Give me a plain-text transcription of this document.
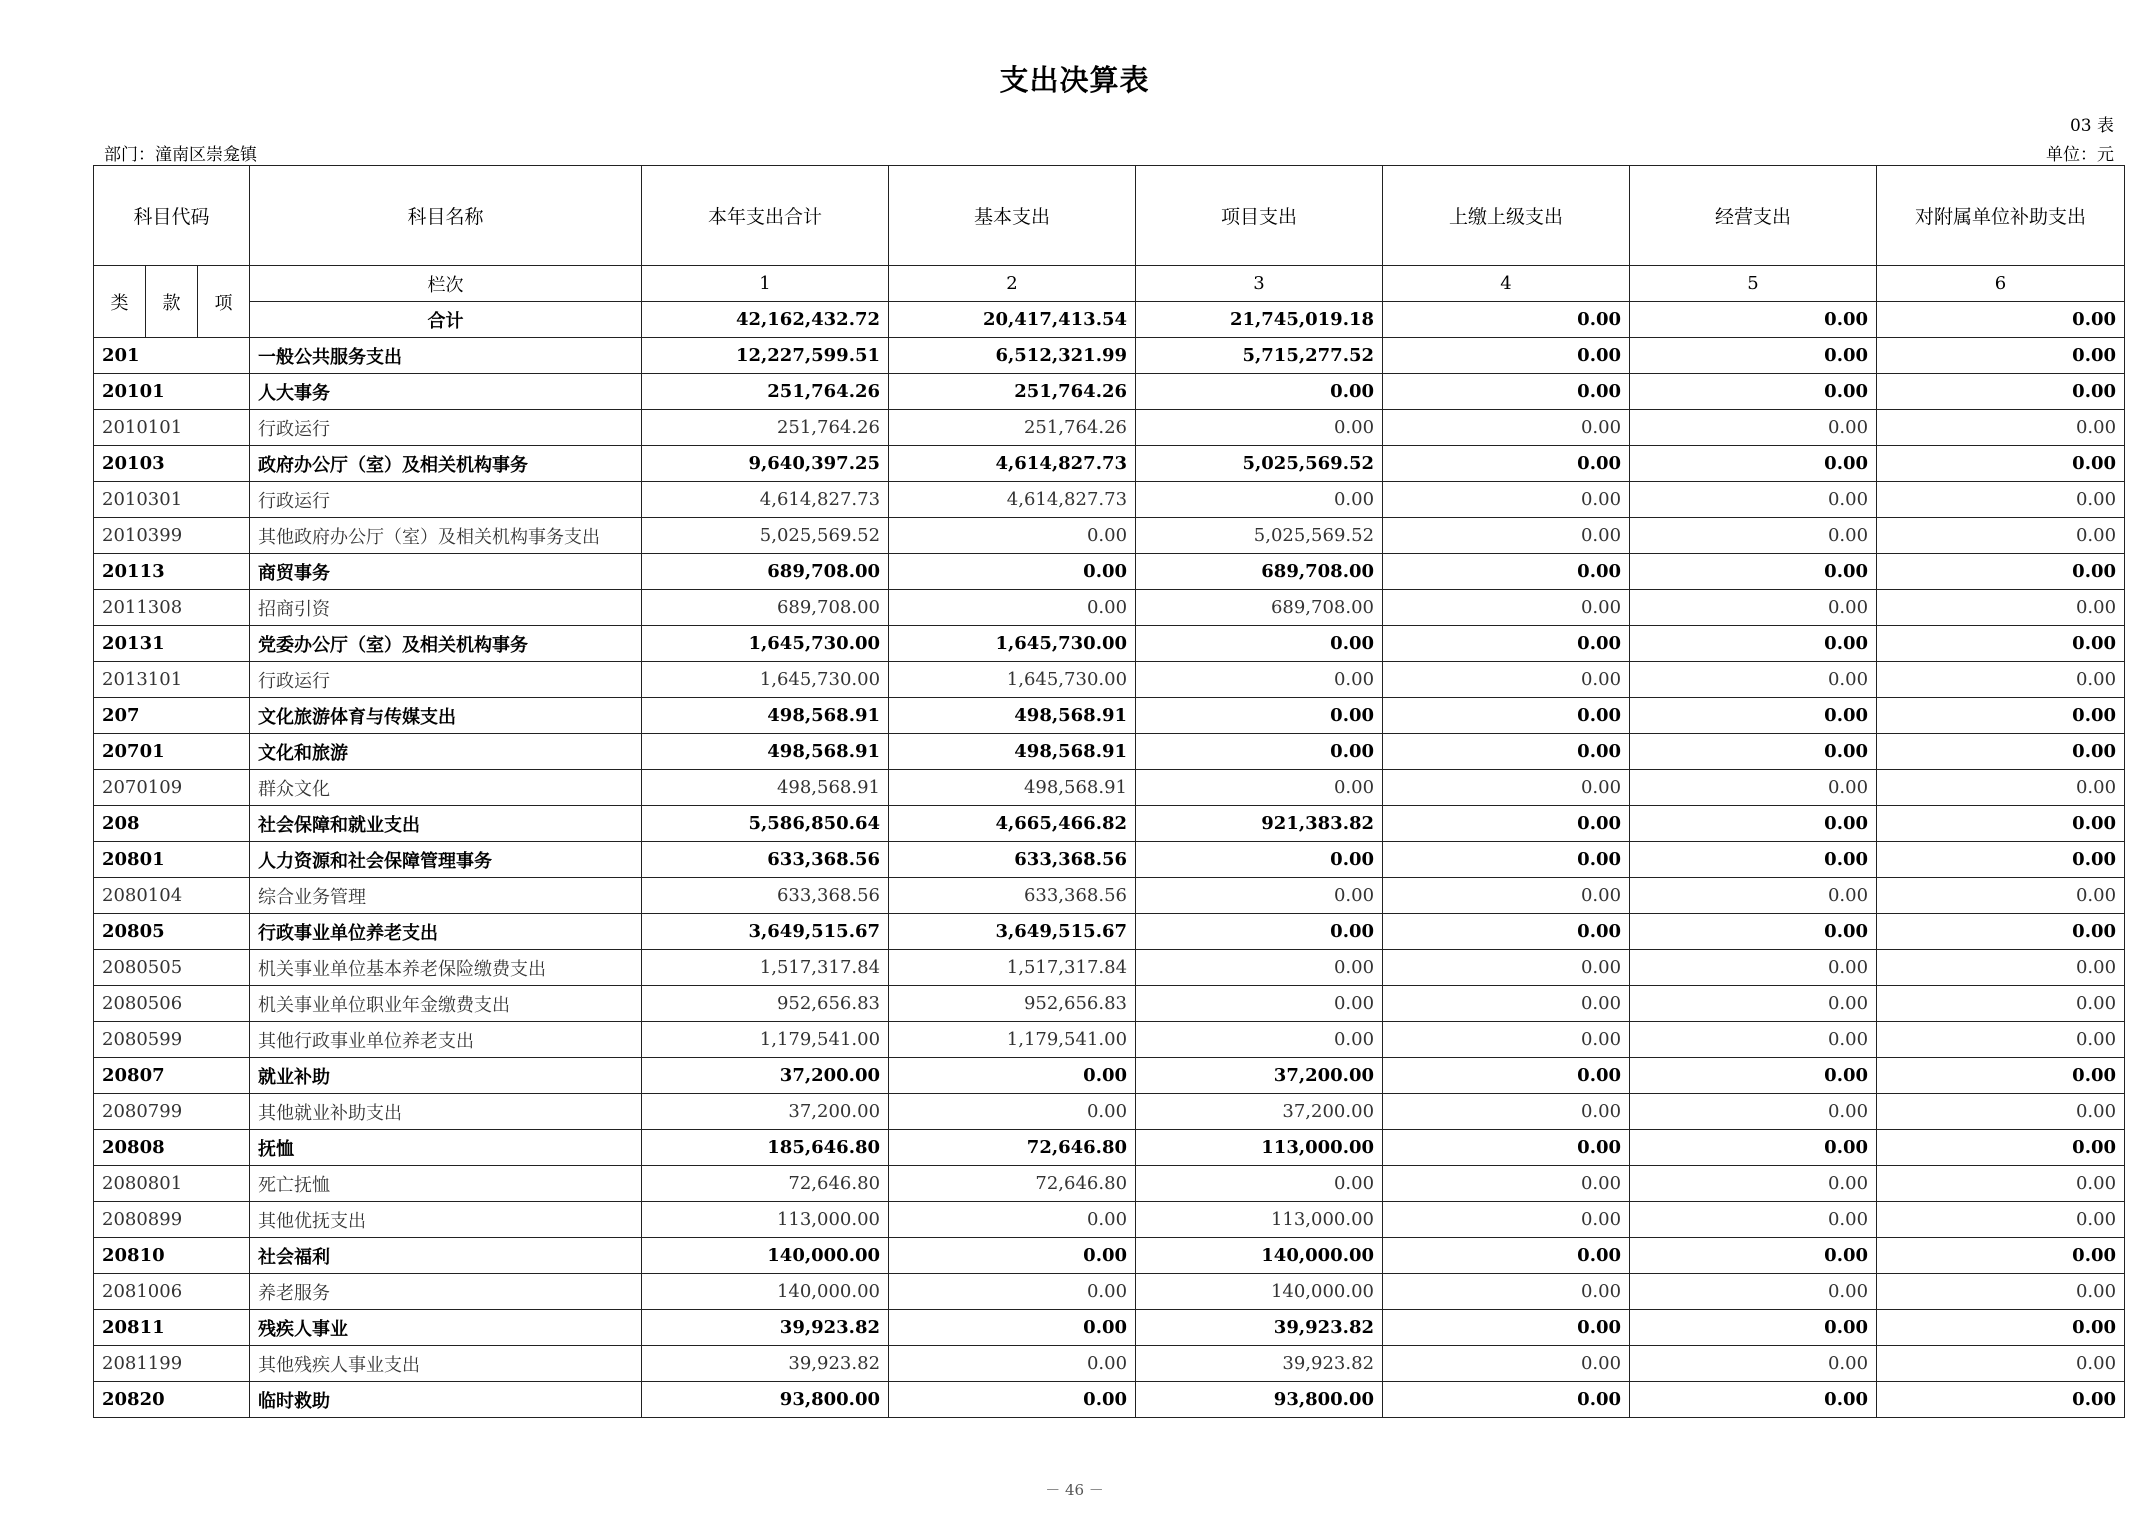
支出决算表
03 表
部门：潼南区崇龛镇	单位：元
科目代码			科目名称	本年支出合计	基本支出	项目支出	上缴上级支出	经营支出	对附属单位补助支出
类	款	项	栏次	1	2	3	4	5	6
			合计	42,162,432.72	20,417,413.54	21,745,019.18	0.00	0.00	0.00
201			一般公共服务支出	12,227,599.51	6,512,321.99	5,715,277.52	0.00	0.00	0.00
20101			人大事务	251,764.26	251,764.26	0.00	0.00	0.00	0.00
2010101			行政运行	251,764.26	251,764.26	0.00	0.00	0.00	0.00
20103			政府办公厅（室）及相关机构事务	9,640,397.25	4,614,827.73	5,025,569.52	0.00	0.00	0.00
2010301			行政运行	4,614,827.73	4,614,827.73	0.00	0.00	0.00	0.00
2010399			其他政府办公厅（室）及相关机构事务支出	5,025,569.52	0.00	5,025,569.52	0.00	0.00	0.00
20113			商贸事务	689,708.00	0.00	689,708.00	0.00	0.00	0.00
2011308			招商引资	689,708.00	0.00	689,708.00	0.00	0.00	0.00
20131			党委办公厅（室）及相关机构事务	1,645,730.00	1,645,730.00	0.00	0.00	0.00	0.00
2013101			行政运行	1,645,730.00	1,645,730.00	0.00	0.00	0.00	0.00
207			文化旅游体育与传媒支出	498,568.91	498,568.91	0.00	0.00	0.00	0.00
20701			文化和旅游	498,568.91	498,568.91	0.00	0.00	0.00	0.00
2070109			群众文化	498,568.91	498,568.91	0.00	0.00	0.00	0.00
208			社会保障和就业支出	5,586,850.64	4,665,466.82	921,383.82	0.00	0.00	0.00
20801			人力资源和社会保障管理事务	633,368.56	633,368.56	0.00	0.00	0.00	0.00
2080104			综合业务管理	633,368.56	633,368.56	0.00	0.00	0.00	0.00
20805			行政事业单位养老支出	3,649,515.67	3,649,515.67	0.00	0.00	0.00	0.00
2080505			机关事业单位基本养老保险缴费支出	1,517,317.84	1,517,317.84	0.00	0.00	0.00	0.00
2080506			机关事业单位职业年金缴费支出	952,656.83	952,656.83	0.00	0.00	0.00	0.00
2080599			其他行政事业单位养老支出	1,179,541.00	1,179,541.00	0.00	0.00	0.00	0.00
20807			就业补助	37,200.00	0.00	37,200.00	0.00	0.00	0.00
2080799			其他就业补助支出	37,200.00	0.00	37,200.00	0.00	0.00	0.00
20808			抚恤	185,646.80	72,646.80	113,000.00	0.00	0.00	0.00
2080801			死亡抚恤	72,646.80	72,646.80	0.00	0.00	0.00	0.00
2080899			其他优抚支出	113,000.00	0.00	113,000.00	0.00	0.00	0.00
20810			社会福利	140,000.00	0.00	140,000.00	0.00	0.00	0.00
2081006			养老服务	140,000.00	0.00	140,000.00	0.00	0.00	0.00
20811			残疾人事业	39,923.82	0.00	39,923.82	0.00	0.00	0.00
2081199			其他残疾人事业支出	39,923.82	0.00	39,923.82	0.00	0.00	0.00
20820			临时救助	93,800.00	0.00	93,800.00	0.00	0.00	0.00
－ 46 －
